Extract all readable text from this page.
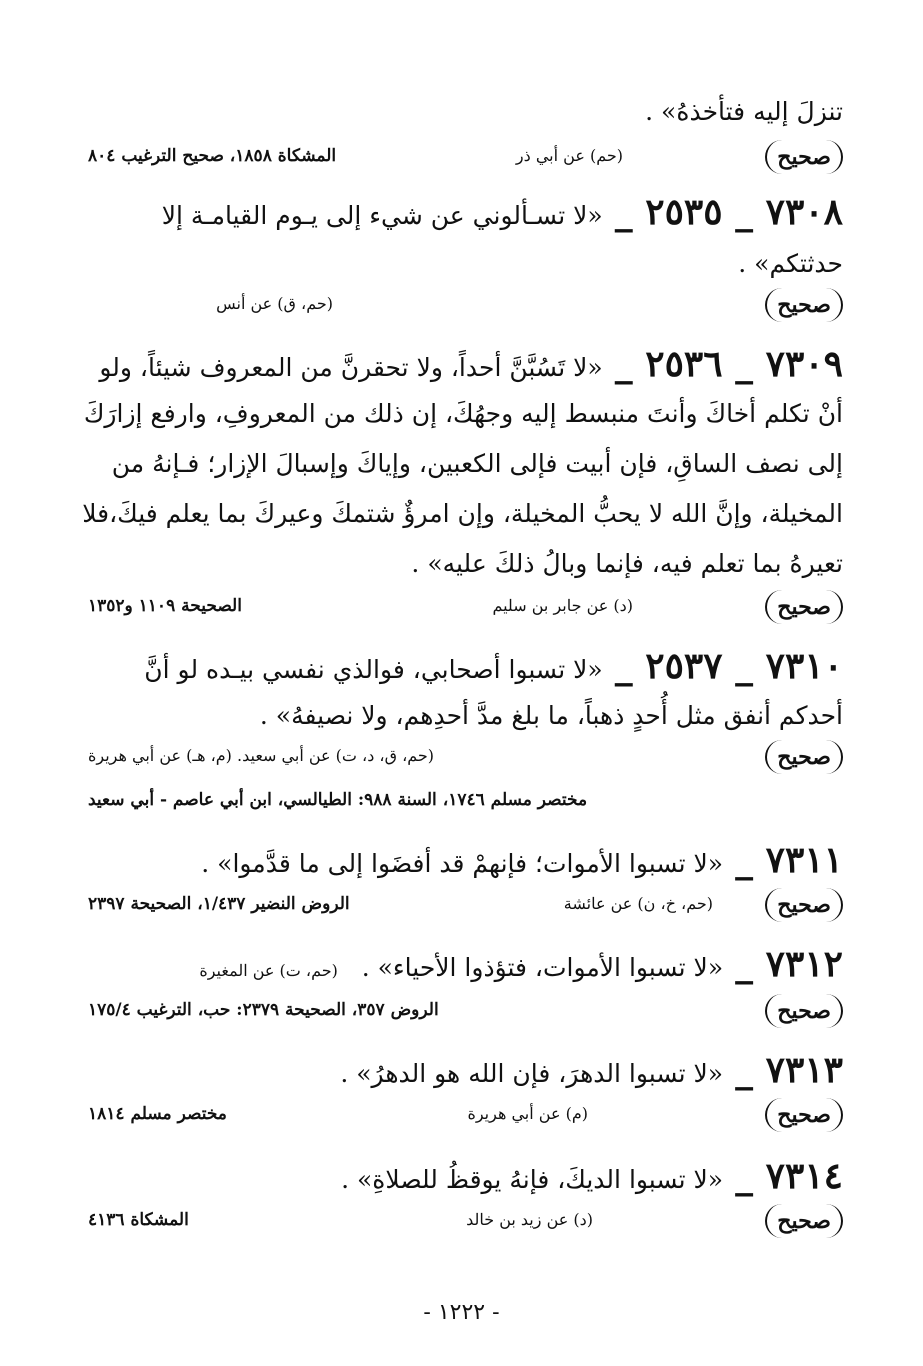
تنزلَ إليه فتأخذهُ» .
صحيح
(حم) عن أبي ذر
المشكاة ١٨٥٨، صحيح الترغيب ٨٠٤
٧٣٠٨ _ ٢٥٣٥ _«لا تسـألوني عن شيء إلى يـوم القيامـة إلا
حدثتكم» .
صحيح
(حم، ق) عن أنس
٧٣٠٩ _ ٢٥٣٦ _«لا تَسُبَّنَّ أحداً، ولا تحقرنَّ من المعروف شيئاً، ولو
أنْ تكلم أخاكَ وأنتَ منبسط إليه وجهُكَ، إن ذلك من المعروفِ، وارفع إزارَكَ
إلى نصف الساقِ، فإن أبيت فإلى الكعبين، وإياكَ وإسبالَ الإزار؛ فـإنهُ من
المخيلة، وإنَّ الله لا يحبُّ المخيلة، وإن امرؤٌ شتمكَ وعيركَ بما يعلم فيكَ،فلا
تعيرهُ بما تعلم فيه، فإنما وبالُ ذلكَ عليه» .
صحيح
(د) عن جابر بن سليم
الصحيحة ١١٠٩ و١٣٥٢
٧٣١٠ _ ٢٥٣٧ _«لا تسبوا أصحابي، فوالذي نفسي بيـده لو أنَّ
أحدكم أنفق مثل أُحدٍ ذهباً، ما بلغ مدَّ أحدِهم، ولا نصيفهُ» .
صحيح
(حم، ق، د، ت) عن أبي سعيد. (م، هـ) عن أبي هريرة
مختصر مسلم ١٧٤٦، السنة ٩٨٨: الطيالسي، ابن أبي عاصم - أبي سعيد
٧٣١١ _«لا تسبوا الأموات؛ فإنهمْ قد أفضَوا إلى ما قدَّموا» .
صحيح
(حم، خ، ن) عن عائشة
الروض النضير ١/٤٣٧، الصحيحة ٢٣٩٧
٧٣١٢ _«لا تسبوا الأموات، فتؤذوا الأحياء» .   (حم، ت) عن المغيرة
صحيح
الروض ٣٥٧، الصحيحة ٢٣٧٩: حب، الترغيب ١٧٥/٤
٧٣١٣ _«لا تسبوا الدهرَ، فإن الله هو الدهرُ» .
صحيح
(م) عن أبي هريرة
مختصر مسلم ١٨١٤
٧٣١٤ _«لا تسبوا الديكَ، فإنهُ يوقظُ للصلاةِ» .
صحيح
(د) عن زيد بن خالد
المشكاة ٤١٣٦
- ١٢٢٢ -
